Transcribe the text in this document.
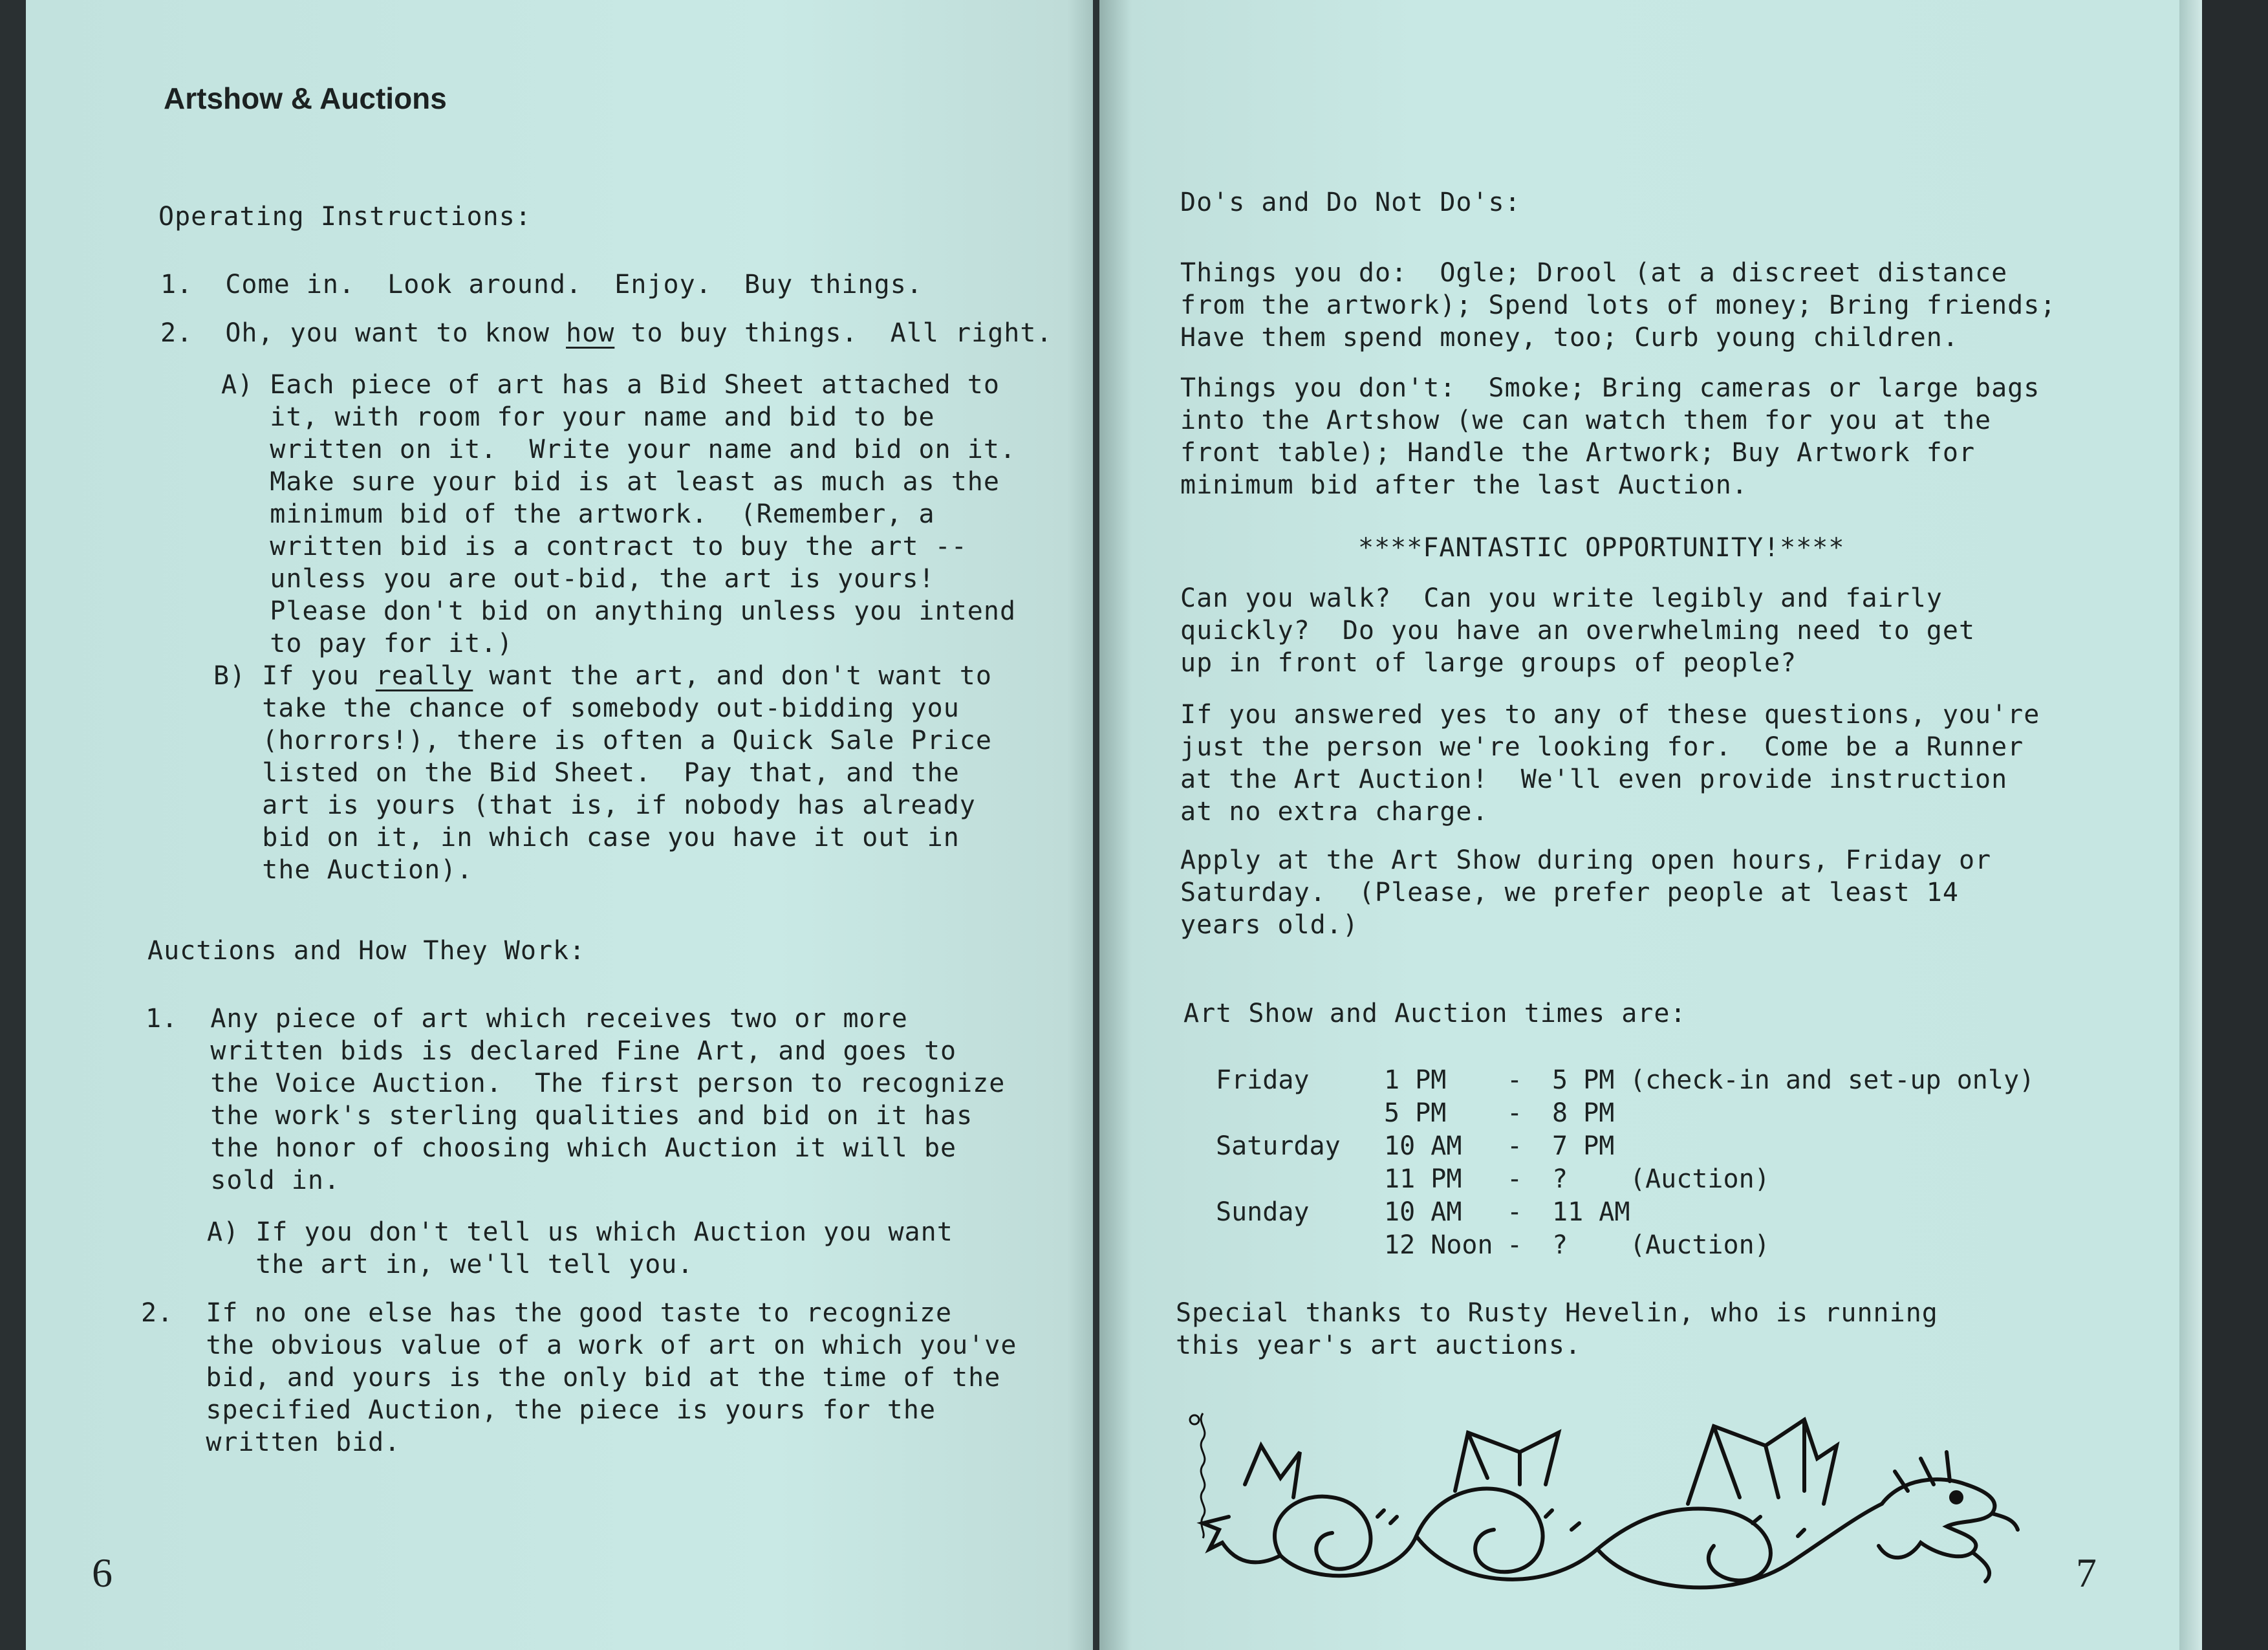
Artshow & Auctions
Operating Instructions:
1.  Come in.  Look around.  Enjoy.  Buy things.
2.  Oh, you want to know how to buy things.  All right.
A) Each piece of art has a Bid Sheet attached to
it, with room for your name and bid to be
written on it.  Write your name and bid on it.
Make sure your bid is at least as much as the
minimum bid of the artwork.  (Remember, a
written bid is a contract to buy the art --
unless you are out-bid, the art is yours!
Please don't bid on anything unless you intend
to pay for it.)
B) If you really want the art, and don't want to
take the chance of somebody out-bidding you
(horrors!), there is often a Quick Sale Price
listed on the Bid Sheet.  Pay that, and the
art is yours (that is, if nobody has already
bid on it, in which case you have it out in
the Auction).
Auctions and How They Work:
1.  Any piece of art which receives two or more
written bids is declared Fine Art, and goes to
the Voice Auction.  The first person to recognize
the work's sterling qualities and bid on it has
the honor of choosing which Auction it will be
sold in.
A) If you don't tell us which Auction you want
the art in, we'll tell you.
2.  If no one else has the good taste to recognize
the obvious value of a work of art on which you've
bid, and yours is the only bid at the time of the
specified Auction, the piece is yours for the
written bid.
6
Do's and Do Not Do's:
Things you do:  Ogle; Drool (at a discreet distance
from the artwork); Spend lots of money; Bring friends;
Have them spend money, too; Curb young children.
Things you don't:  Smoke; Bring cameras or large bags
into the Artshow (we can watch them for you at the
front table); Handle the Artwork; Buy Artwork for
minimum bid after the last Auction.
****FANTASTIC OPPORTUNITY!****
Can you walk?  Can you write legibly and fairly
quickly?  Do you have an overwhelming need to get
up in front of large groups of people?
If you answered yes to any of these questions, you're
just the person we're looking for.  Come be a Runner
at the Art Auction!  We'll even provide instruction
at no extra charge.
Apply at the Art Show during open hours, Friday or
Saturday.  (Please, we prefer people at least 14
years old.)
Art Show and Auction times are:
Friday	1 PM - 5 PM (check-in and set-up only)
5 PM - 8 PM
Saturday 10 AM - 7 PM
11 PM - ? (Auction)
Sunday	10 AM - 11 AM
12 Noon - ? (Auction)
Special thanks to Rusty Hevelin, who is running
this year's art auctions.
7
